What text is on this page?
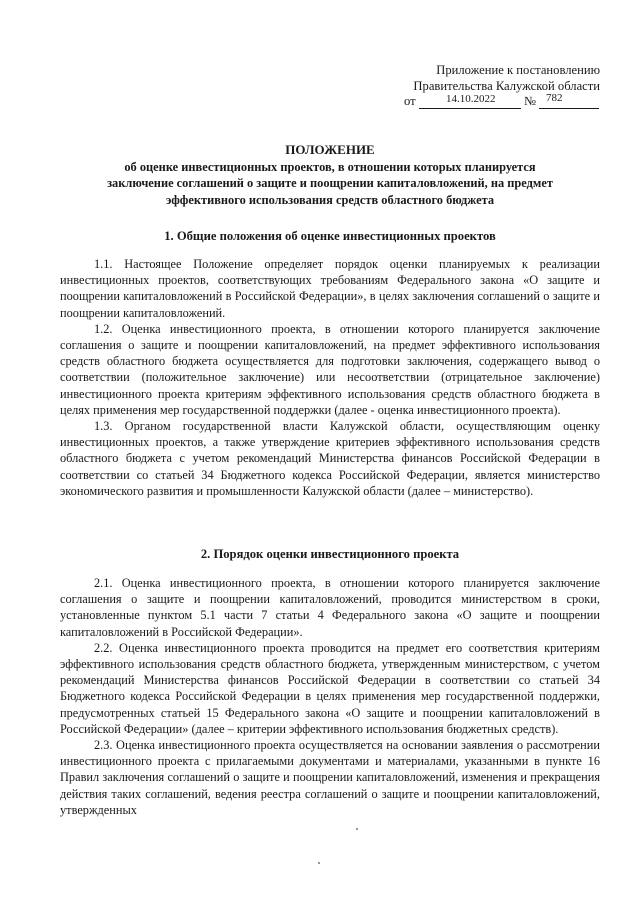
Приложение к постановлению
Правительства Калужской области
от	14.10.2022 № 782
ПОЛОЖЕНИЕ
об оценке инвестиционных проектов, в отношении которых планируется
заключение соглашений о защите и поощрении капиталовложений, на предмет
эффективного использования средств областного бюджета
1. Общие положения об оценке инвестиционных проектов

1.1. Настоящее Положение определяет порядок оценки планируемых к реализации инвестиционных проектов, соответствующих требованиям Федерального закона «О защите и поощрении капиталовложений в Российской Федерации», в целях заключения соглашений о защите и поощрении капиталовложений.

1.2. Оценка инвестиционного проекта, в отношении которого планируется заключение соглашения о защите и поощрении капиталовложений, на предмет эффективного использования средств областного бюджета осуществляется для подготовки заключения, содержащего вывод о соответствии (положительное заключение) или несоответствии (отрицательное заключение) инвестиционного проекта критериям эффективного использования средств областного бюджета в целях применения мер государственной поддержки (далее - оценка инвестиционного проекта).

1.3. Органом государственной власти Калужской области, осуществляющим оценку инвестиционных проектов, а также утверждение критериев эффективного использования средств областного бюджета с учетом рекомендаций Министерства финансов Российской Федерации в соответствии со статьей 34 Бюджетного кодекса Российской Федерации, является министерство экономического развития и промышленности Калужской области (далее – министерство).

2. Порядок оценки инвестиционного проекта

2.1. Оценка инвестиционного проекта, в отношении которого планируется заключение соглашения о защите и поощрении капиталовложений, проводится министерством в сроки, установленные пунктом 5.1 части 7 статьи 4 Федерального закона «О защите и поощрении капиталовложений в Российской Федерации».

2.2. Оценка инвестиционного проекта проводится на предмет его соответствия критериям эффективного использования средств областного бюджета, утвержденным министерством, с учетом рекомендаций Министерства финансов Российской Федерации в соответствии со статьей 34 Бюджетного кодекса Российской Федерации в целях применения мер государственной поддержки, предусмотренных статьей 15 Федерального закона «О защите и поощрении капиталовложений в Российской Федерации» (далее – критерии эффективного использования бюджетных средств).

2.3. Оценка инвестиционного проекта осуществляется на основании заявления о рассмотрении инвестиционного проекта с прилагаемыми документами и материалами, указанными в пункте 16 Правил заключения соглашений о защите и поощрении капиталовложений, изменения и прекращения действия таких соглашений, ведения реестра соглашений о защите и поощрении капиталовложений, утвержденных
